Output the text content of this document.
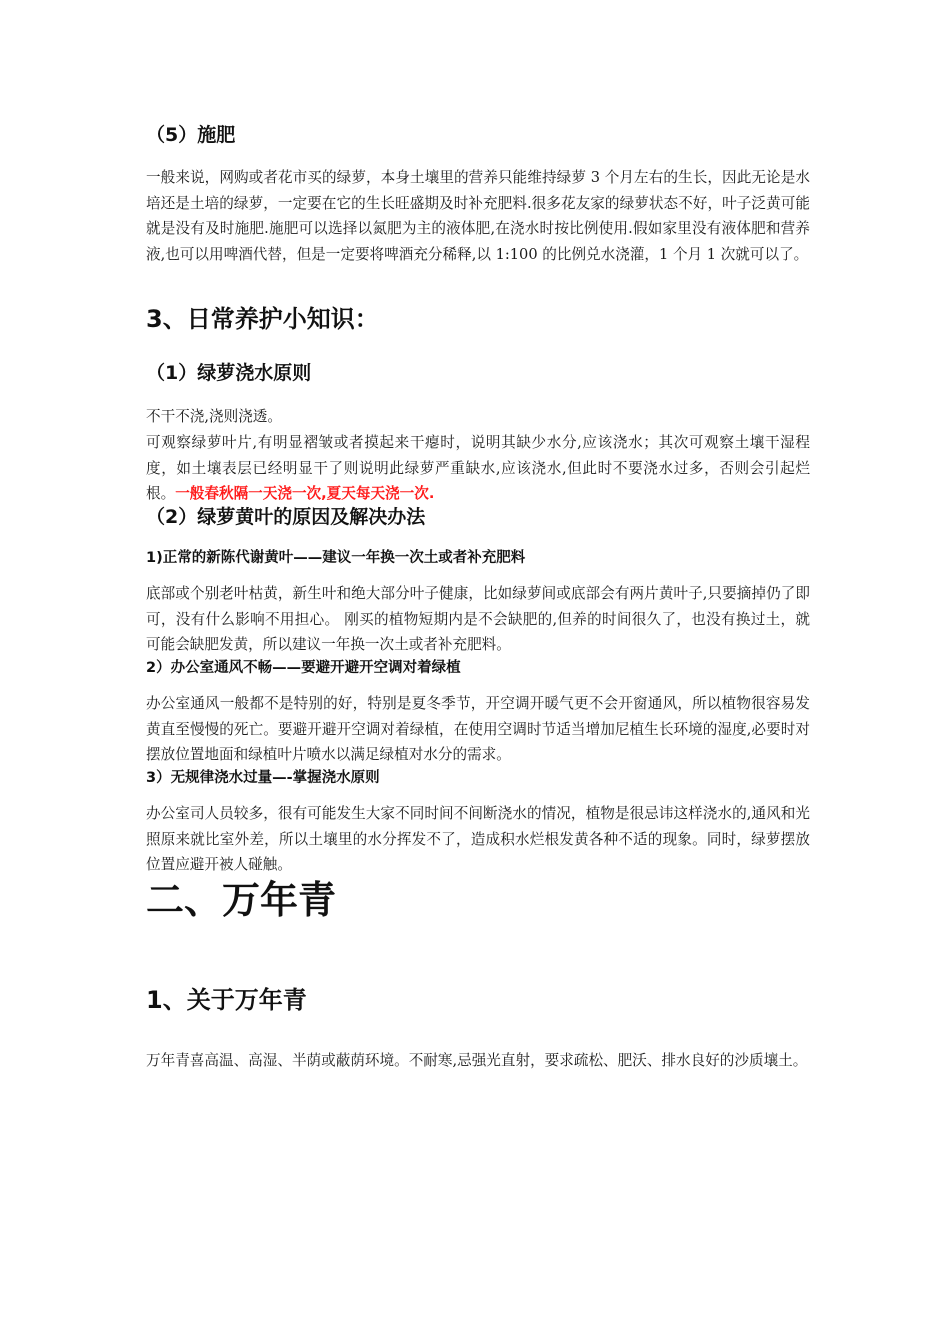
（5）施肥

一般来说，网购或者花市买的绿萝，本身土壤里的营养只能维持绿萝 3 个月左右的生长，因此无论是水培还是土培的绿萝，一定要在它的生长旺盛期及时补充肥料.很多花友家的绿萝状态不好，叶子泛黄可能就是没有及时施肥.施肥可以选择以氮肥为主的液体肥,在浇水时按比例使用.假如家里没有液体肥和营养液,也可以用啤酒代替，但是一定要将啤酒充分稀释,以 1:100 的比例兑水浇灌，1 个月 1 次就可以了。

3、日常养护小知识：
（1）绿萝浇水原则

不干不浇,浇则浇透。

可观察绿萝叶片,有明显褶皱或者摸起来干瘪时，说明其缺少水分,应该浇水；其次可观察土壤干湿程度，如土壤表层已经明显干了则说明此绿萝严重缺水,应该浇水,但此时不要浇水过多，否则会引起烂根。一般春秋隔一天浇一次,夏天每天浇一次.

（2）绿萝黄叶的原因及解决办法
1)正常的新陈代谢黄叶——建议一年换一次土或者补充肥料

底部或个别老叶枯黄，新生叶和绝大部分叶子健康，比如绿萝间或底部会有两片黄叶子,只要摘掉仍了即可，没有什么影响不用担心。 刚买的植物短期内是不会缺肥的,但养的时间很久了，也没有换过土，就可能会缺肥发黄，所以建议一年换一次土或者补充肥料。

2）办公室通风不畅——要避开避开空调对着绿植

办公室通风一般都不是特别的好，特别是夏冬季节，开空调开暖气更不会开窗通风，所以植物很容易发黄直至慢慢的死亡。要避开避开空调对着绿植，在使用空调时节适当增加尼植生长环境的湿度,必要时对摆放位置地面和绿植叶片喷水以满足绿植对水分的需求。

3）无规律浇水过量—-掌握浇水原则

办公室司人员较多，很有可能发生大家不同时间不间断浇水的情况，植物是很忌讳这样浇水的,通风和光照原来就比室外差，所以土壤里的水分挥发不了，造成积水烂根发黄各种不适的现象。同时，绿萝摆放位置应避开被人碰触。

二、万年青
1、关于万年青

万年青喜高温、高湿、半荫或蔽荫环境。不耐寒,忌强光直射，要求疏松、肥沃、排水良好的沙质壤土。
